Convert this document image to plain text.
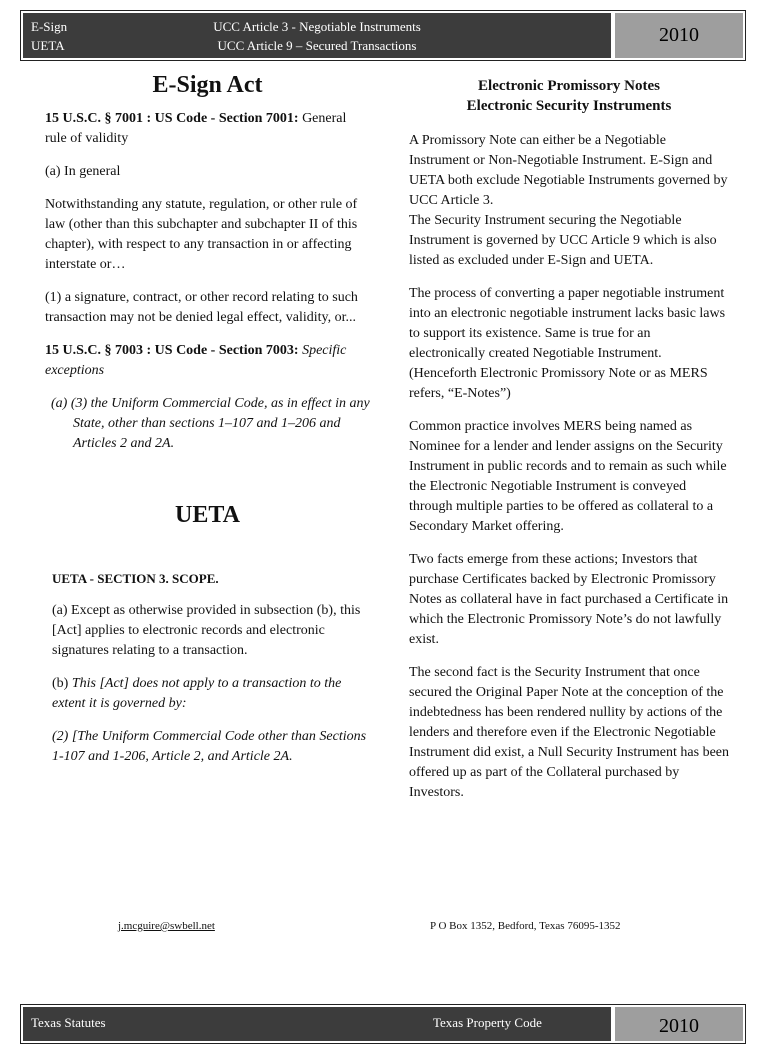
E-Sign
UETA
UCC Article 3 - Negotiable Instruments
UCC Article 9 – Secured Transactions	2010
E-Sign Act

15 U.S.C. § 7001 : US Code - Section 7001: General rule of validity

(a) In general

Notwithstanding any statute, regulation, or other rule of law (other than this subchapter and subchapter II of this chapter), with respect to any transaction in or affecting interstate or…

(1) a signature, contract, or other record relating to such transaction may not be denied legal effect, validity, or...

15 U.S.C. § 7003 : US Code - Section 7003: Specific exceptions

(a) (3) the Uniform Commercial Code, as in effect in any State, other than sections 1–107 and 1–206 and Articles 2 and 2A.

UETA

UETA - SECTION 3. SCOPE.

(a) Except as otherwise provided in subsection (b), this [Act] applies to electronic records and electronic signatures relating to a transaction.

(b) This [Act] does not apply to a transaction to the extent it is governed by:

(2) [The Uniform Commercial Code other than Sections 1-107 and 1-206, Article 2, and Article 2A.

Electronic Promissory Notes
Electronic Security Instruments

A Promissory Note can either be a Negotiable Instrument or Non-Negotiable Instrument. E-Sign and UETA both exclude Negotiable Instruments governed by UCC Article 3.

The Security Instrument securing the Negotiable Instrument is governed by UCC Article 9 which is also listed as excluded under E-Sign and UETA.

The process of converting a paper negotiable instrument into an electronic negotiable instrument lacks basic laws to support its existence. Same is true for an electronically created Negotiable Instrument. (Henceforth Electronic Promissory Note or as MERS refers, “E-Notes”)

Common practice involves MERS being named as Nominee for a lender and lender assigns on the Security Instrument in public records and to remain as such while the Electronic Negotiable Instrument is conveyed through multiple parties to be offered as collateral to a Secondary Market offering.

Two facts emerge from these actions; Investors that purchase Certificates backed by Electronic Promissory Notes as collateral have in fact purchased a Certificate in which the Electronic Promissory Note’s do not lawfully exist.

The second fact is the Security Instrument that once secured the Original Paper Note at the conception of the indebtedness has been rendered nullity by actions of the lenders and therefore even if the Electronic Negotiable Instrument did exist, a Null Security Instrument has been offered up as part of the Collateral purchased by Investors.

j.mcguire@swbell.net	P O Box 1352, Bedford, Texas 76095-1352
Texas Statutes	Texas Property Code	2010
